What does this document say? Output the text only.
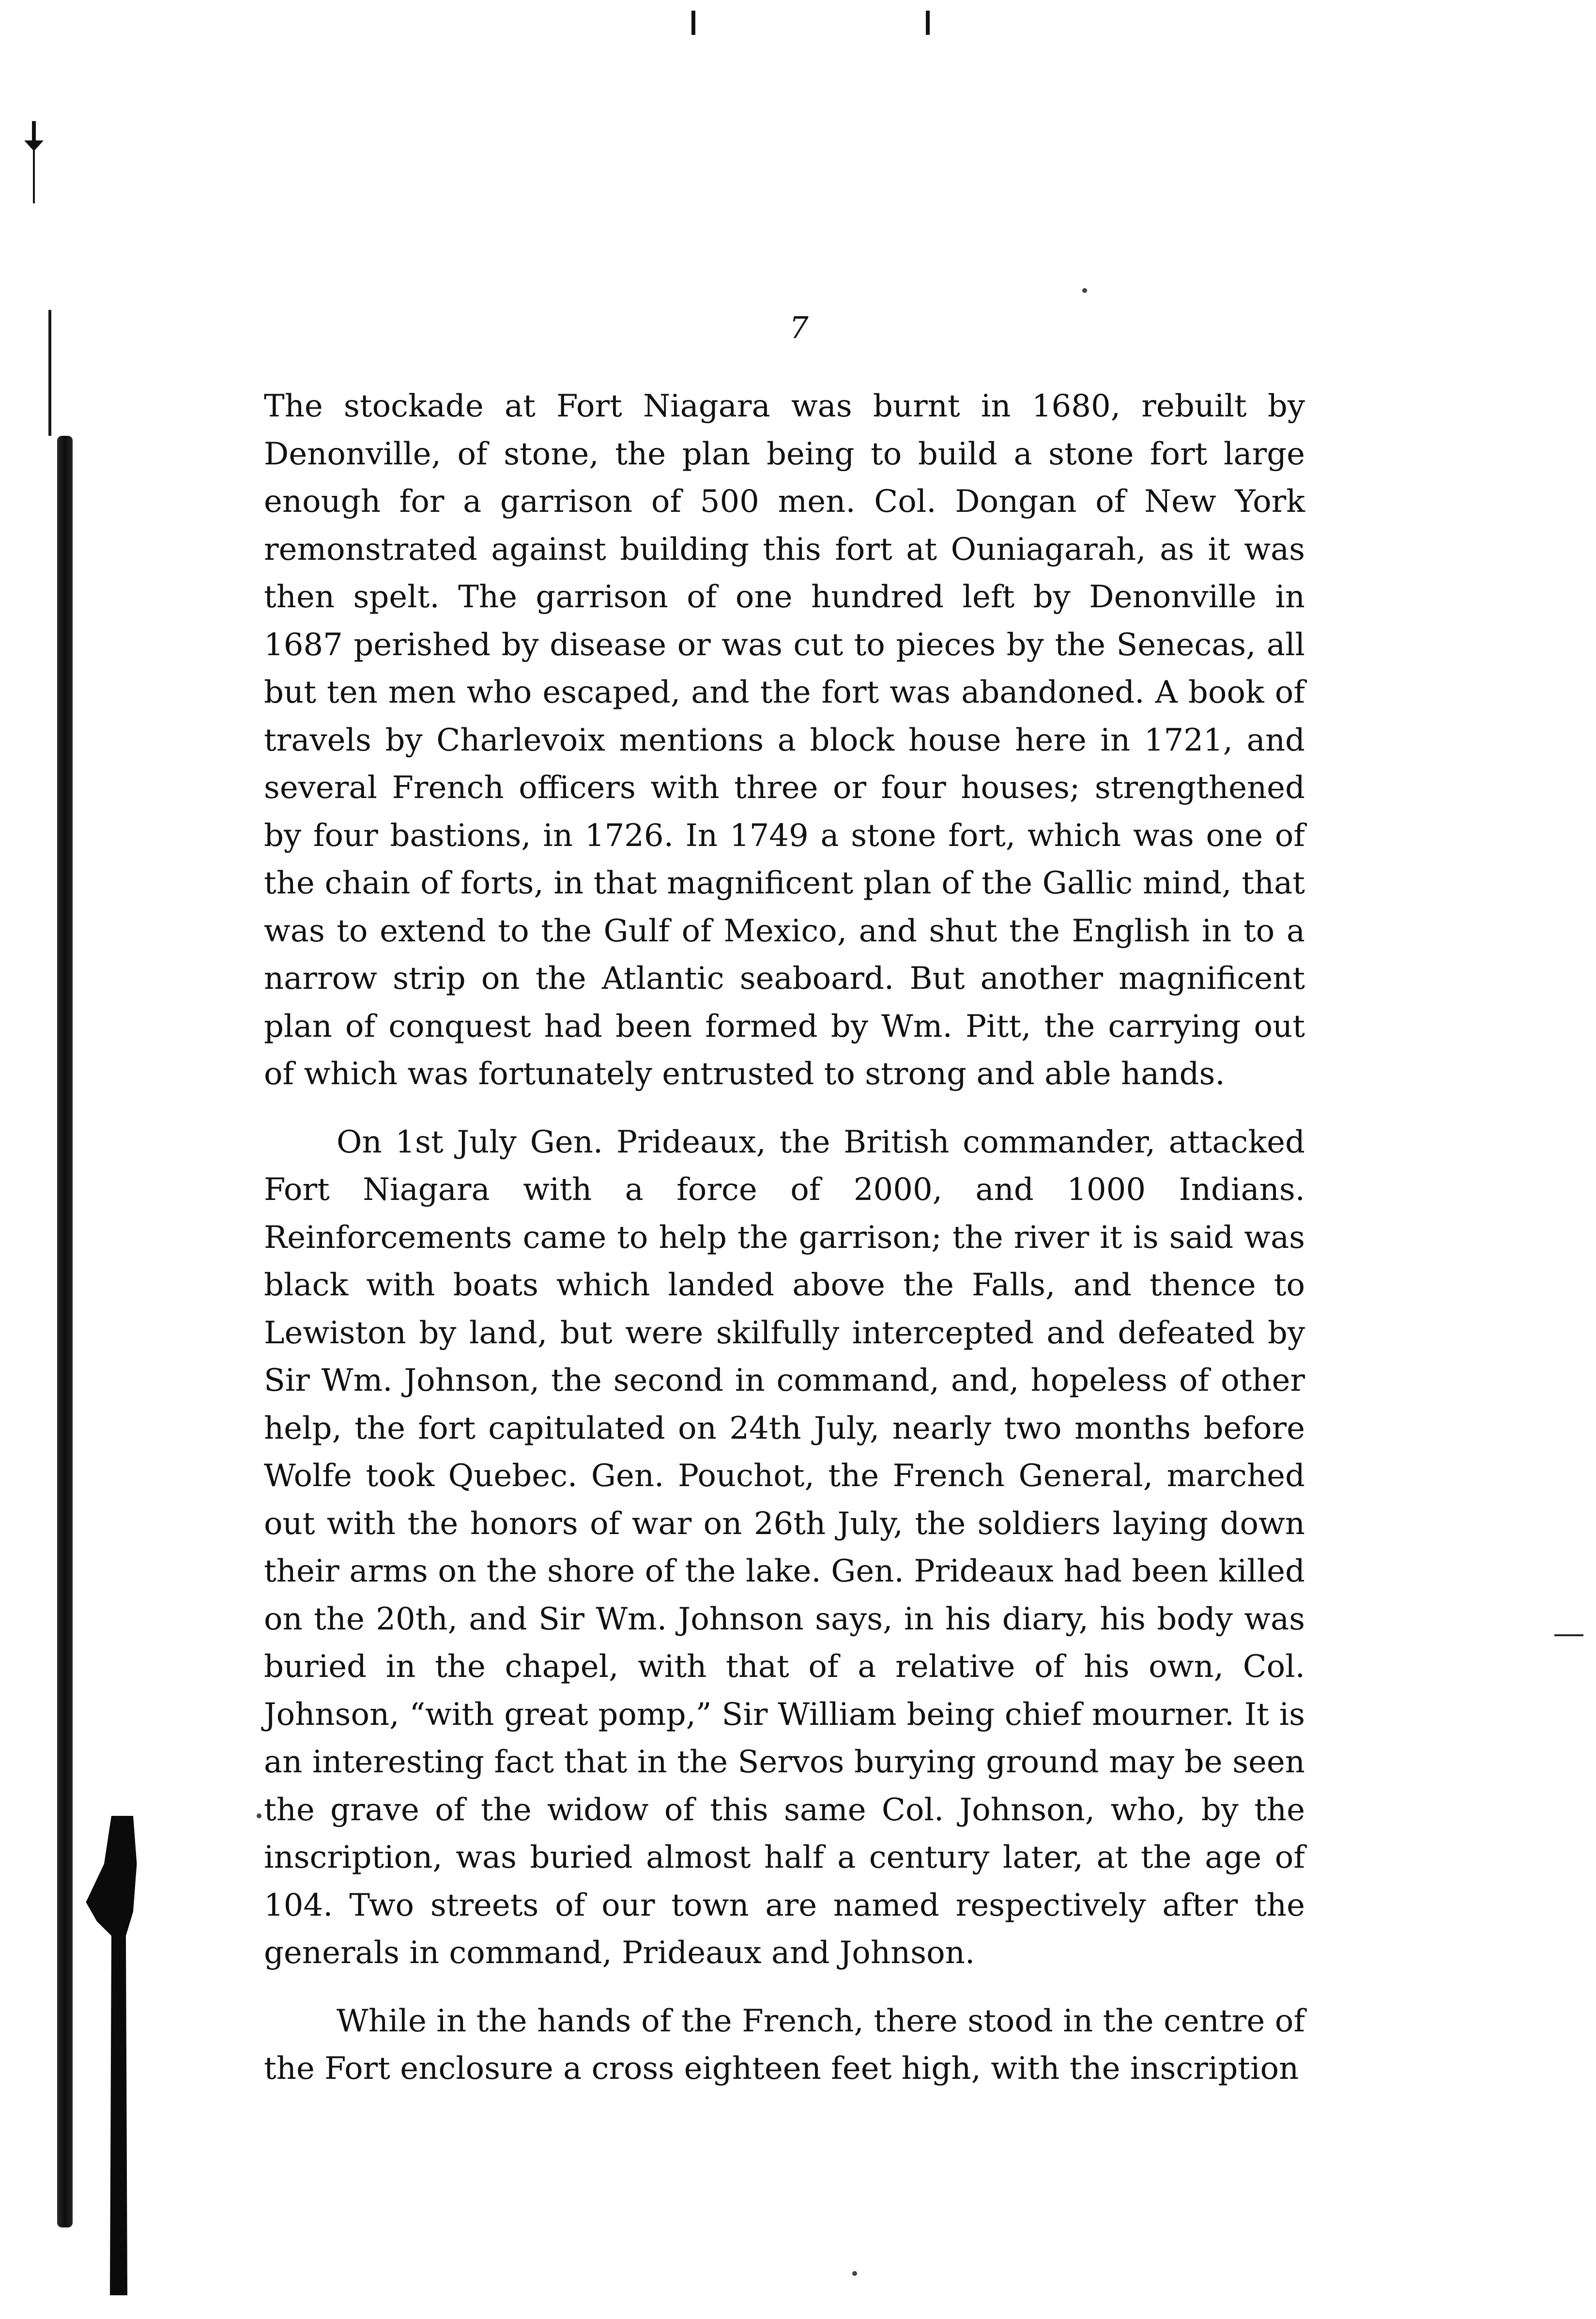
7

The stockade at Fort Niagara was burnt in 1680, rebuilt by Denonville, of stone, the plan being to build a stone fort large enough for a garrison of 500 men. Col. Dongan of New York remonstrated against building this fort at Ouniagarah, as it was then spelt. The garrison of one hundred left by Denonville in 1687 perished by disease or was cut to pieces by the Senecas, all but ten men who escaped, and the fort was abandoned. A book of travels by Charlevoix mentions a block house here in 1721, and several French officers with three or four houses; strengthened by four bastions, in 1726. In 1749 a stone fort, which was one of the chain of forts, in that magnificent plan of the Gallic mind, that was to extend to the Gulf of Mexico, and shut the English in to a narrow strip on the Atlantic seaboard. But another magnificent plan of conquest had been formed by Wm. Pitt, the carrying out of which was fortunately entrusted to strong and able hands.

On 1st July Gen. Prideaux, the British commander, attacked Fort Niagara with a force of 2000, and 1000 Indians. Reinforcements came to help the garrison; the river it is said was black with boats which landed above the Falls, and thence to Lewiston by land, but were skilfully intercepted and defeated by Sir Wm. Johnson, the second in command, and, hopeless of other help, the fort capitulated on 24th July, nearly two months before Wolfe took Quebec. Gen. Pouchot, the French General, marched out with the honors of war on 26th July, the soldiers laying down their arms on the shore of the lake. Gen. Prideaux had been killed on the 20th, and Sir Wm. Johnson says, in his diary, his body was buried in the chapel, with that of a relative of his own, Col. Johnson, “with great pomp,” Sir William being chief mourner. It is an interesting fact that in the Servos burying ground may be seen the grave of the widow of this same Col. Johnson, who, by the inscription, was buried almost half a century later, at the age of 104. Two streets of our town are named respectively after the generals in command, Prideaux and Johnson.

While in the hands of the French, there stood in the centre of the Fort enclosure a cross eighteen feet high, with the inscription
